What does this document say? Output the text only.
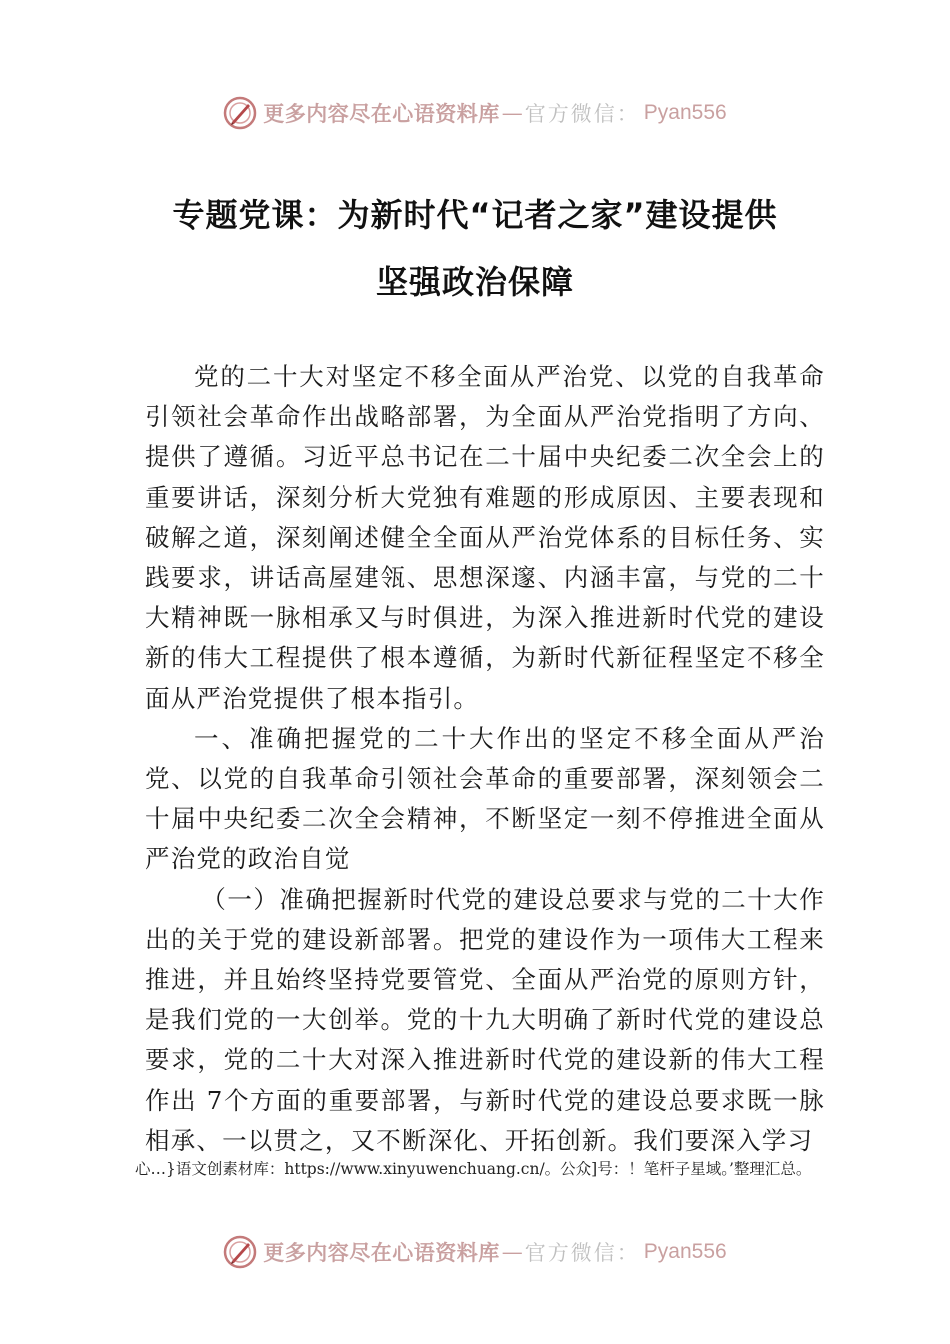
更多内容尽在心语资料库 — 官方微信： Pyan556
专题党课：为新时代“记者之家”建设提供
坚强政治保障

党的二十大对坚定不移全面从严治党、以党的自我革命引领社会革命作出战略部署，为全面从严治党指明了方向、 提供了遵循。习近平总书记在二十届中央纪委二次全会上的重要讲话，深刻分析大党独有难题的形成原因、主要表现和破解之道，深刻阐述健全全面从严治党体系的目标任务、实践要求，讲话高屋建瓴、思想深邃、内涵丰富，与党的二十大精神既一脉相承又与时俱进，为深入推进新时代党的建设新的伟大工程提供了根本遵循，为新时代新征程坚定不移全面从严治党提供了根本指引。

一、准确把握党的二十大作出的坚定不移全面从严治党、以党的自我革命引领社会革命的重要部署，深刻领会二十届中央纪委二次全会精神，不断坚定一刻不停推进全面从严治党的政治自觉

（一）准确把握新时代党的建设总要求与党的二十大作出的关于党的建设新部署。把党的建设作为一项伟大工程来推进，并且始终坚持党要管党、全面从严治党的原则方针， 是我们党的一大创举。党的十九大明确了新时代党的建设总要求，党的二十大对深入推进新时代党的建设新的伟大工程作出 7个方面的重要部署，与新时代党的建设总要求既一脉相承、一以贯之，又不断深化、开拓创新。我们要深入学习

心…}语文创素材库：https://www.xinyuwenchuang.cn/。公众]号：！笔杆子星域。’整理汇总。
更多内容尽在心语资料库 — 官方微信： Pyan556
